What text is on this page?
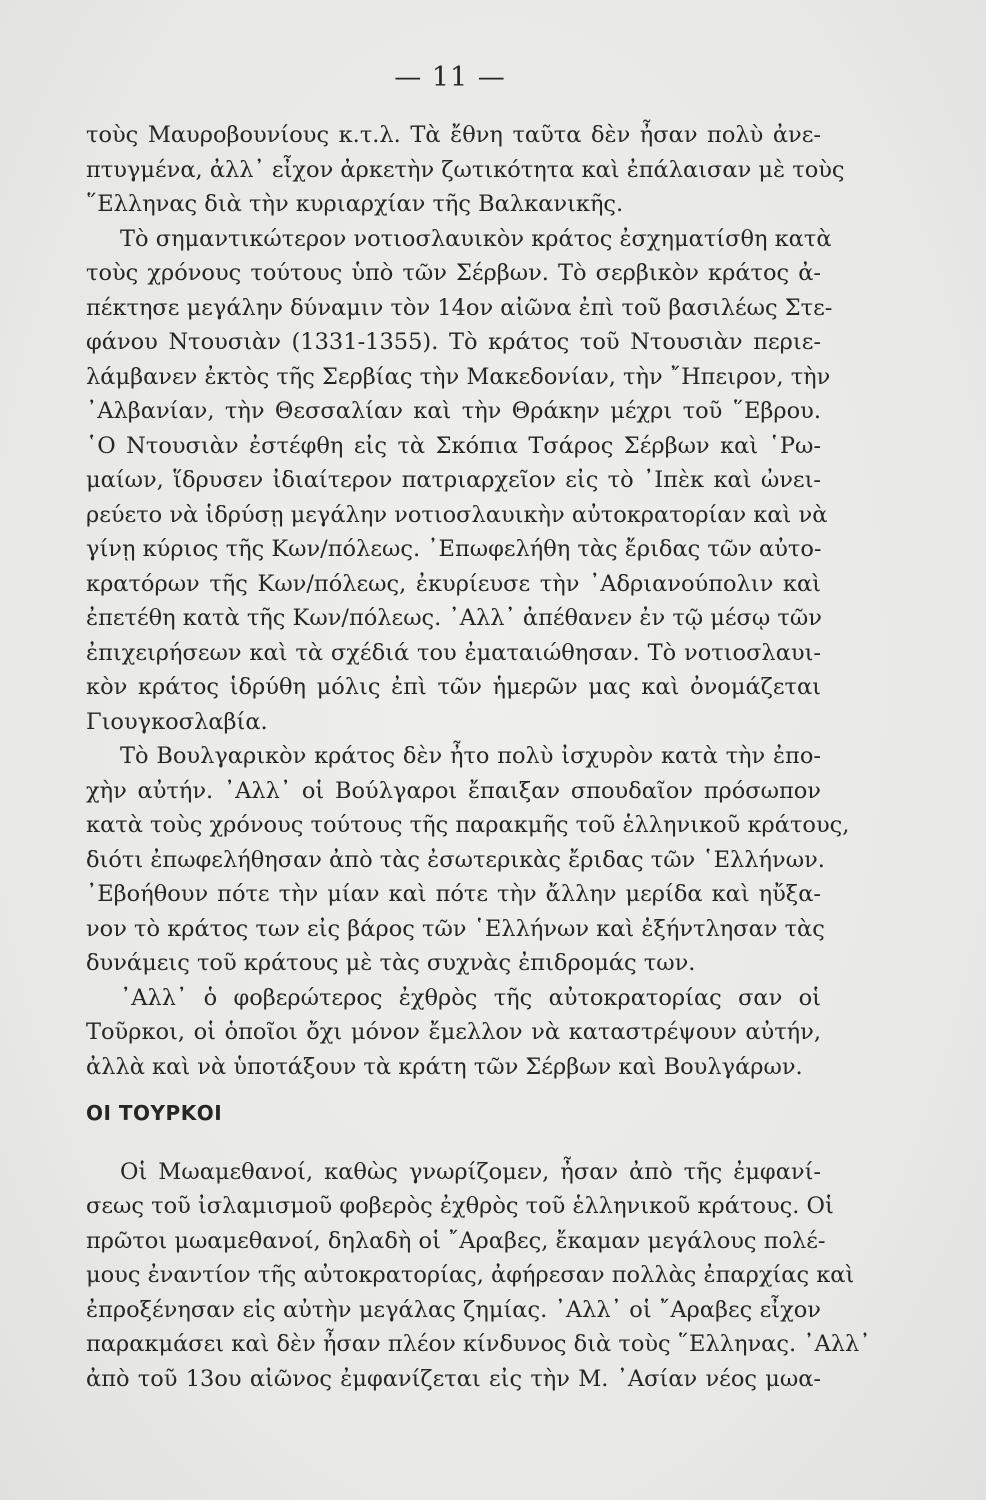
— 11 —
τοὺς Μαυροβουνίους κ.τ.λ. Τὰ ἔθνη ταῦτα δὲν ἦσαν πολὺ ἀνε-
πτυγμένα, ἀλλ᾽ εἶχον ἀρκετὴν ζωτικότητα καὶ ἐπάλαισαν μὲ τοὺς
῞Ελληνας διὰ τὴν κυριαρχίαν τῆς Βαλκανικῆς.
Τὸ σημαντικώτερον νοτιοσλαυικὸν κράτος ἐσχηματίσθη κατὰ
τοὺς χρόνους τούτους ὑπὸ τῶν Σέρβων. Τὸ σερβικὸν κράτος ἀ-
πέκτησε μεγάλην δύναμιν τὸν 14ον αἰῶνα ἐπὶ τοῦ βασιλέως Στε-
φάνου Ντουσιὰν (1331-1355). Τὸ κράτος τοῦ Ντουσιὰν περιε-
λάμβανεν ἐκτὸς τῆς Σερβίας τὴν Μακεδονίαν, τὴν ῎Ηπειρον, τὴν
᾽Αλβανίαν, τὴν Θεσσαλίαν καὶ τὴν Θράκην μέχρι τοῦ ῞Εβρου.
῾Ο Ντουσιὰν ἐστέφθη εἰς τὰ Σκόπια Τσάρος Σέρβων καὶ ῾Ρω-
μαίων, ἵδρυσεν ἰδιαίτερον πατριαρχεῖον εἰς τὸ ᾽Ιπὲκ καὶ ὠνει-
ρεύετο νὰ ἱδρύσῃ μεγάλην νοτιοσλαυικὴν αὐτοκρατορίαν καὶ νὰ
γίνῃ κύριος τῆς Κων/πόλεως. ᾽Επωφελήθη τὰς ἔριδας τῶν αὐτο-
κρατόρων τῆς Κων/πόλεως, ἐκυρίευσε τὴν ᾽Αδριανούπολιν καὶ
ἐπετέθη κατὰ τῆς Κων/πόλεως. ᾽Αλλ᾽ ἀπέθανεν ἐν τῷ μέσῳ τῶν
ἐπιχειρήσεων καὶ τὰ σχέδιά του ἐματαιώθησαν. Τὸ νοτιοσλαυι-
κὸν κράτος ἱδρύθη μόλις ἐπὶ τῶν ἡμερῶν μας καὶ ὀνομάζεται
Γιουγκοσλαβία.
Τὸ Βουλγαρικὸν κράτος δὲν ἦτο πολὺ ἰσχυρὸν κατὰ τὴν ἐπο-
χὴν αὐτήν. ᾽Αλλ᾽ οἱ Βούλγαροι ἔπαιξαν σπουδαῖον πρόσωπον
κατὰ τοὺς χρόνους τούτους τῆς παρακμῆς τοῦ ἑλληνικοῦ κράτους,
διότι ἐπωφελήθησαν ἀπὸ τὰς ἐσωτερικὰς ἔριδας τῶν ῾Ελλήνων.
᾽Εβοήθουν πότε τὴν μίαν καὶ πότε τὴν ἄλλην μερίδα καὶ ηὔξα-
νον τὸ κράτος των εἰς βάρος τῶν ῾Ελλήνων καὶ ἐξήντλησαν τὰς
δυνάμεις τοῦ κράτους μὲ τὰς συχνὰς ἐπιδρομάς των.
᾽Αλλ᾽ ὁ φοβερώτερος ἐχθρὸς τῆς αὐτοκρατορίας σαν οἱ
Τοῦρκοι, οἱ ὁποῖοι ὄχι μόνον ἔμελλον νὰ καταστρέψουν αὐτήν,
ἀλλὰ καὶ νὰ ὑποτάξουν τὰ κράτη τῶν Σέρβων καὶ Βουλγάρων.
ΟΙ ΤΟΥΡΚΟΙ
Οἱ Μωαμεθανοί, καθὼς γνωρίζομεν, ἦσαν ἀπὸ τῆς ἐμφανί-
σεως τοῦ ἰσλαμισμοῦ φοβερὸς ἐχθρὸς τοῦ ἑλληνικοῦ κράτους. Οἱ
πρῶτοι μωαμεθανοί, δηλαδὴ οἱ ῎Αραβες, ἔκαμαν μεγάλους πολέ-
μους ἐναντίον τῆς αὐτοκρατορίας, ἀφήρεσαν πολλὰς ἐπαρχίας καὶ
ἐπροξένησαν εἰς αὐτὴν μεγάλας ζημίας. ᾽Αλλ᾽ οἱ ῎Αραβες εἶχον
παρακμάσει καὶ δὲν ἦσαν πλέον κίνδυνος διὰ τοὺς ῞Ελληνας. ᾽Αλλ᾽
ἀπὸ τοῦ 13ου αἰῶνος ἐμφανίζεται εἰς τὴν Μ. ᾽Ασίαν νέος μωα-
